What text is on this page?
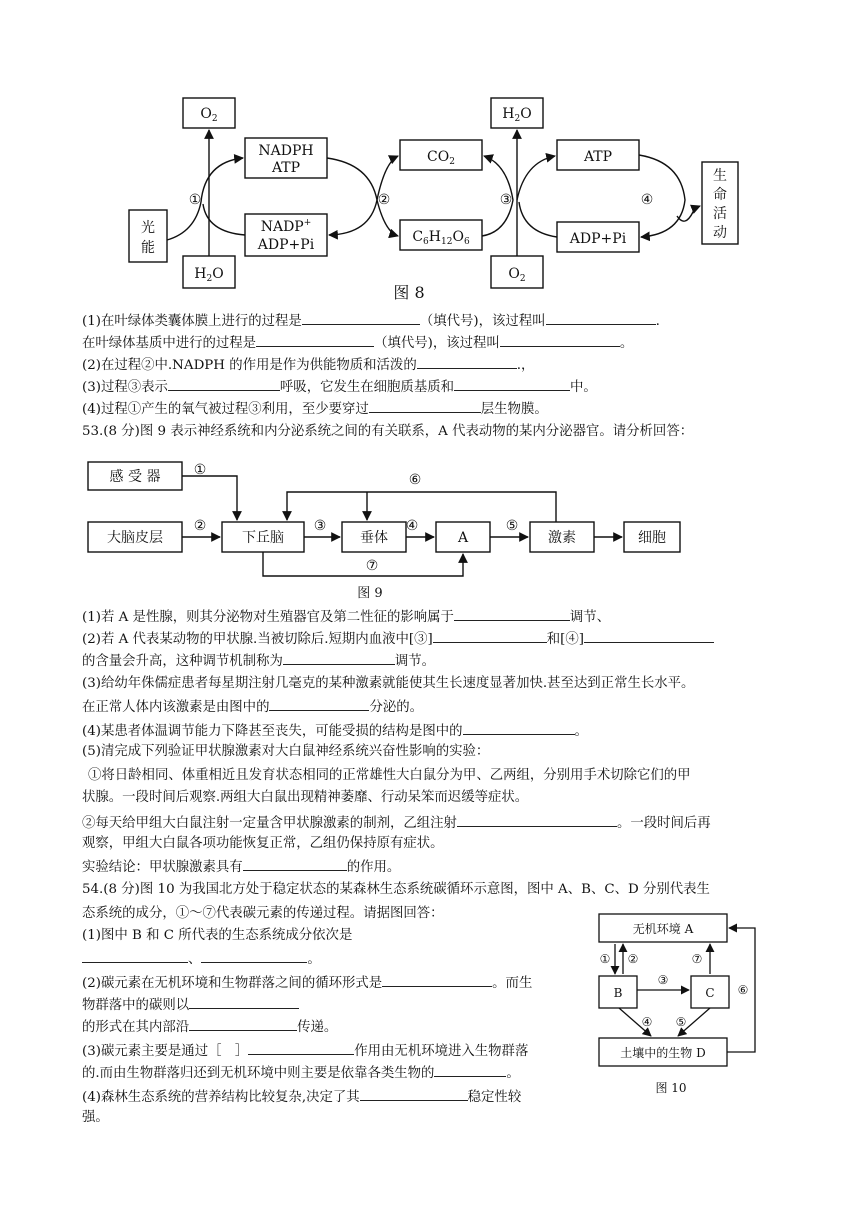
$O_2$
NADPH
ATP
NADP+
ADP+Pi
光
能
$H_2O$
$CO_2$
$C_6H_{12}O_6$
$H_2O$
$O_2$
ATP
ADP+Pi
生
命
活
动
①	②	③	④
图 8
(1)在叶绿体类囊体膜上进行的过程是	（填代号)，该过程叫	.
在叶绿体基质中进行的过程是	（填代号)，该过程叫	。
(2)在过程②中.NADPH 的作用是作为供能物质和活泼的	.，
(3)过程③表示	呼吸，它发生在细胞质基质和	中。
(4)过程①产生的氧气被过程③利用，至少要穿过	层生物膜。
53.(8 分)图 9 表示神经系统和内分泌系统之间的有关联系，A 代表动物的某内分泌器官。请分析回答：
感 受 器
大脑皮层	下丘脑	垂体	A	激素	细胞
①
②	③	④	⑤
⑥
⑦
图 9
(1)若 A 是性腺，则其分泌物对生殖器官及第二性征的影响属于	调节、
(2)若 A 代表某动物的甲状腺.当被切除后.短期内血液中[③]	和[④]
的含量会升高，这种调节机制称为	调节。
(3)给幼年侏儒症患者每星期注射几毫克的某种激素就能使其生长速度显著加快.甚至达到正常生长水平。
在正常人体内该激素是由图中的	分泌的。
(4)某患者体温调节能力下降甚至丧失，可能受损的结构是图中的	。
(5)清完成下列验证甲状腺激素对大白鼠神经系统兴奋性影响的实验：
①将日龄相同、体重相近且发育状态相同的正常雄性大白鼠分为甲、乙两组，分别用手术切除它们的甲
状腺。一段时间后观察.两组大白鼠出现精神萎靡、行动呆笨而迟缓等症状。
②每天给甲组大白鼠注射一定量含甲状腺激素的制剂，乙组注射	。一段时间后再
观察，甲组大白鼠各项功能恢复正常，乙组仍保持原有症状。
实验结论：甲状腺激素具有	的作用。
54.(8 分)图 10 为我国北方处于稳定状态的某森林生态系统碳循环示意图，图中 A、B、C、D 分别代表生
态系统的成分，①～⑦代表碳元素的传递过程。请据图回答：
(1)图中 B 和 C 所代表的生态系统成分依次是
、	。
(2)碳元素在无机环境和生物群落之间的循环形式是	。而生
物群落中的碳则以
的形式在其内部沿	传递。
(3)碳元素主要是通过［　］	作用由无机环境进入生物群落
的.而由生物群落归还到无机环境中则主要是依靠各类生物的	。
(4)森林生态系统的营养结构比较复杂,决定了其	稳定性较
强。
无机环境 A
B	C
土壤中的生物 D
① ②
③
⑦
④ ⑤
⑥
图 10
